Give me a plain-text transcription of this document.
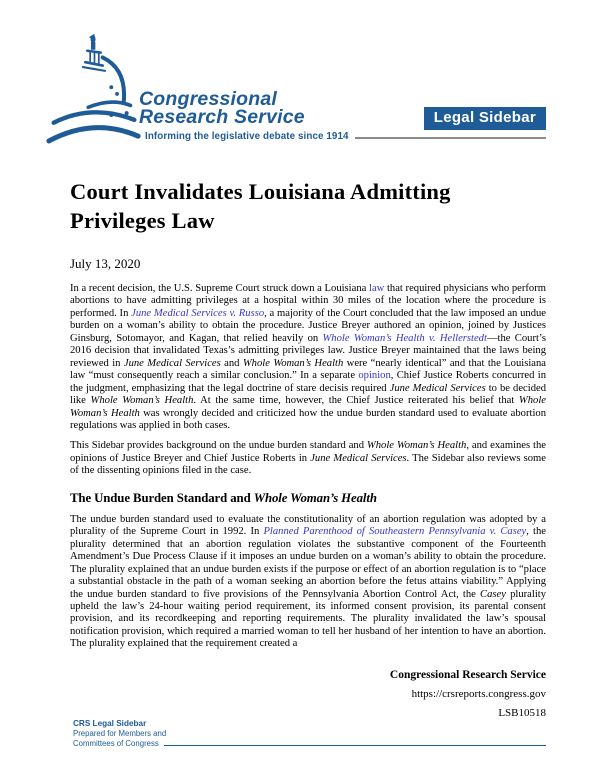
Congressional
Research Service
Informing the legislative debate since 1914
Legal Sidebar
Court Invalidates Louisiana Admitting Privileges Law
July 13, 2020

In a recent decision, the U.S. Supreme Court struck down a Louisiana law that required physicians who perform abortions to have admitting privileges at a hospital within 30 miles of the location where the procedure is performed. In June Medical Services v. Russo, a majority of the Court concluded that the law imposed an undue burden on a woman’s ability to obtain the procedure. Justice Breyer authored an opinion, joined by Justices Ginsburg, Sotomayor, and Kagan, that relied heavily on Whole Woman’s Health v. Hellerstedt—the Court’s 2016 decision that invalidated Texas’s admitting privileges law. Justice Breyer maintained that the laws being reviewed in June Medical Services and Whole Woman’s Health were “nearly identical” and that the Louisiana law “must consequently reach a similar conclusion.” In a separate opinion, Chief Justice Roberts concurred in the judgment, emphasizing that the legal doctrine of stare decisis required June Medical Services to be decided like Whole Woman’s Health. At the same time, however, the Chief Justice reiterated his belief that Whole Woman’s Health was wrongly decided and criticized how the undue burden standard used to evaluate abortion regulations was applied in both cases.

This Sidebar provides background on the undue burden standard and Whole Woman’s Health, and examines the opinions of Justice Breyer and Chief Justice Roberts in June Medical Services. The Sidebar also reviews some of the dissenting opinions filed in the case.

The Undue Burden Standard and Whole Woman’s Health

The undue burden standard used to evaluate the constitutionality of an abortion regulation was adopted by a plurality of the Supreme Court in 1992. In Planned Parenthood of Southeastern Pennsylvania v. Casey, the plurality determined that an abortion regulation violates the substantive component of the Fourteenth Amendment’s Due Process Clause if it imposes an undue burden on a woman’s ability to obtain the procedure. The plurality explained that an undue burden exists if the purpose or effect of an abortion regulation is to “place a substantial obstacle in the path of a woman seeking an abortion before the fetus attains viability.” Applying the undue burden standard to five provisions of the Pennsylvania Abortion Control Act, the Casey plurality upheld the law’s 24-hour waiting period requirement, its informed consent provision, its parental consent provision, and its recordkeeping and reporting requirements. The plurality invalidated the law’s spousal notification provision, which required a married woman to tell her husband of her intention to have an abortion. The plurality explained that the requirement created a

Congressional Research Service
https://crsreports.congress.gov
LSB10518
CRS Legal Sidebar
Prepared for Members and
Committees of Congress
